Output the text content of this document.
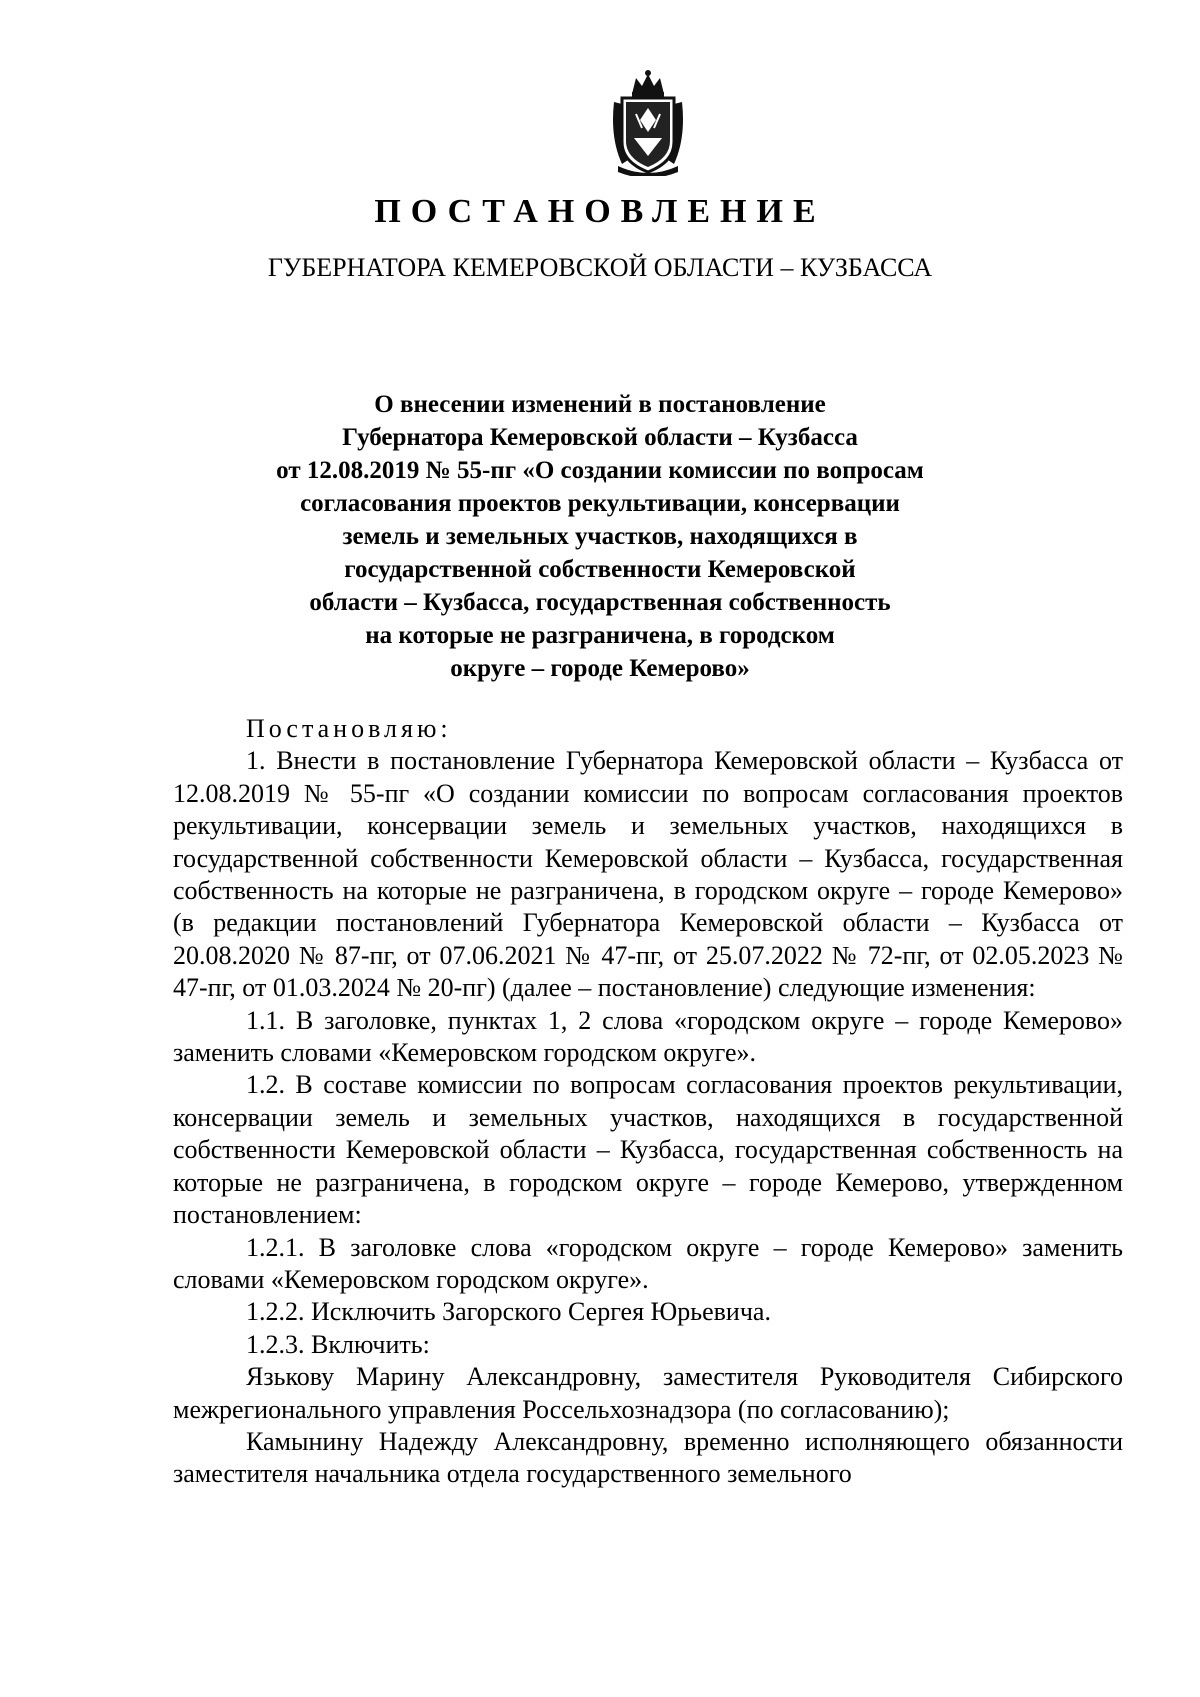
ПОСТАНОВЛЕНИЕ
ГУБЕРНАТОРА КЕМЕРОВСКОЙ ОБЛАСТИ – КУЗБАССА
О внесении изменений в постановление
Губернатора Кемеровской области – Кузбасса
от 12.08.2019 № 55-пг «О создании комиссии по вопросам
согласования проектов рекультивации, консервации
земель и земельных участков, находящихся в
государственной собственности Кемеровской
области – Кузбасса, государственная собственность
на которые не разграничена, в городском
округе – городе Кемерово»

Постановляю:

1. Внести в постановление Губернатора Кемеровской области – Кузбасса от 12.08.2019 № 55-пг «О создании комиссии по вопросам согласования проектов рекультивации, консервации земель и земельных участков, находящихся в государственной собственности Кемеровской области – Кузбасса, государственная собственность на которые не разграничена, в городском округе – городе Кемерово» (в редакции постановлений Губернатора Кемеровской области – Кузбасса от 20.08.2020 № 87-пг, от 07.06.2021 № 47-пг, от 25.07.2022 № 72-пг, от 02.05.2023 № 47-пг, от 01.03.2024 № 20-пг) (далее – постановление) следующие изменения:

1.1. В заголовке, пунктах 1, 2 слова «городском округе – городе Кемерово» заменить словами «Кемеровском городском округе».

1.2. В составе комиссии по вопросам согласования проектов рекультивации, консервации земель и земельных участков, находящихся в государственной собственности Кемеровской области – Кузбасса, государственная собственность на которые не разграничена, в городском округе – городе Кемерово, утвержденном постановлением:

1.2.1. В заголовке слова «городском округе – городе Кемерово» заменить словами «Кемеровском городском округе».

1.2.2. Исключить Загорского Сергея Юрьевича.

1.2.3. Включить:

Язькову Марину Александровну, заместителя Руководителя Сибирского межрегионального управления Россельхознадзора (по согласованию);

Камынину Надежду Александровну, временно исполняющего обязанности заместителя начальника отдела государственного земельного
